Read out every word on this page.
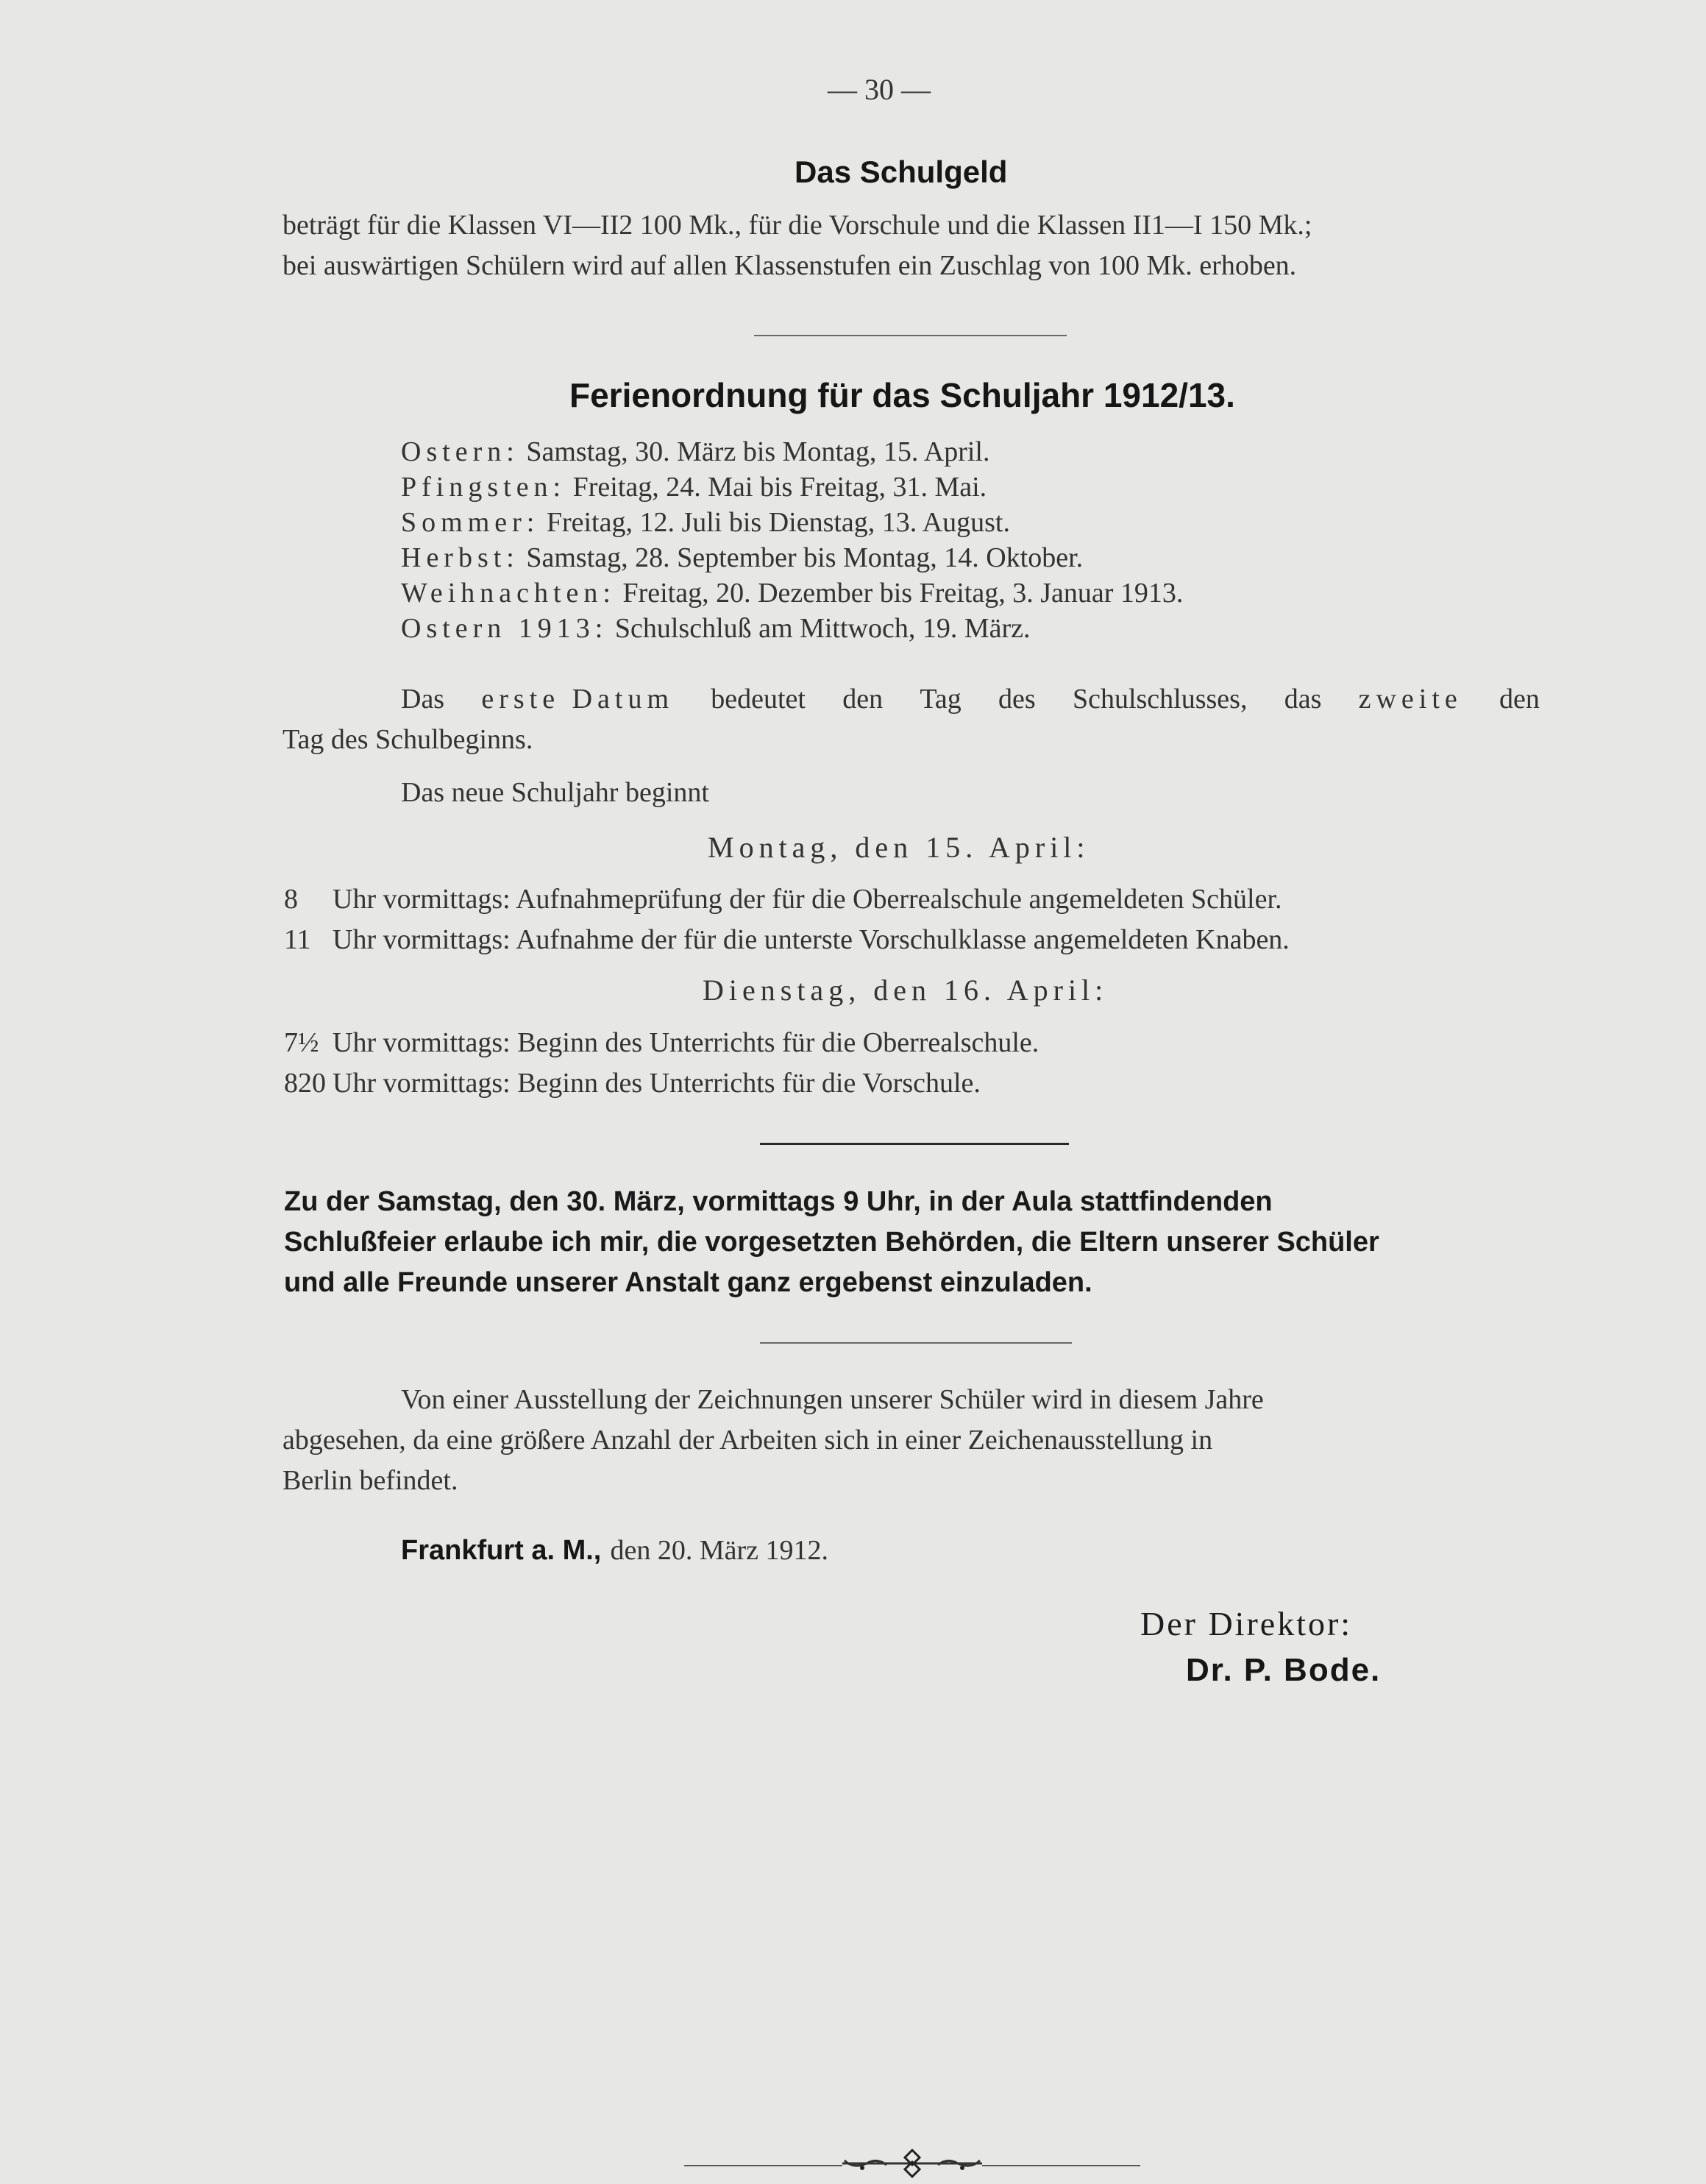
— 30 —
Das Schulgeld
beträgt für die Klassen VI—II2 100 Mk., für die Vorschule und die Klassen II1—I 150 Mk.;
bei auswärtigen Schülern wird auf allen Klassenstufen ein Zuschlag von 100 Mk. erhoben.
Ferienordnung für das Schuljahr 1912/13.
Ostern: Samstag, 30. März bis Montag, 15. April.
Pfingsten: Freitag, 24. Mai bis Freitag, 31. Mai.
Sommer: Freitag, 12. Juli bis Dienstag, 13. August.
Herbst: Samstag, 28. September bis Montag, 14. Oktober.
Weihnachten: Freitag, 20. Dezember bis Freitag, 3. Januar 1913.
Ostern 1913: Schulschluß am Mittwoch, 19. März.
Das erste Datum bedeutet den Tag des Schulschlusses, das zweite den
Tag des Schulbeginns.
Das neue Schuljahr beginnt
Montag, den 15. April:
8	Uhr vormittags: Aufnahmeprüfung der für die Oberrealschule angemeldeten Schüler.
11 Uhr vormittags: Aufnahme der für die unterste Vorschulklasse angemeldeten Knaben.
Dienstag, den 16. April:
7½ Uhr vormittags: Beginn des Unterrichts für die Oberrealschule.
820 Uhr vormittags: Beginn des Unterrichts für die Vorschule.
Zu der Samstag, den 30. März, vormittags 9 Uhr, in der Aula stattfindenden
Schlußfeier erlaube ich mir, die vorgesetzten Behörden, die Eltern unserer Schüler
und alle Freunde unserer Anstalt ganz ergebenst einzuladen.
Von einer Ausstellung der Zeichnungen unserer Schüler wird in diesem Jahre
abgesehen, da eine größere Anzahl der Arbeiten sich in einer Zeichenausstellung in
Berlin befindet.
Frankfurt a. M., den 20. März 1912.
Der Direktor:
Dr. P. Bode.
